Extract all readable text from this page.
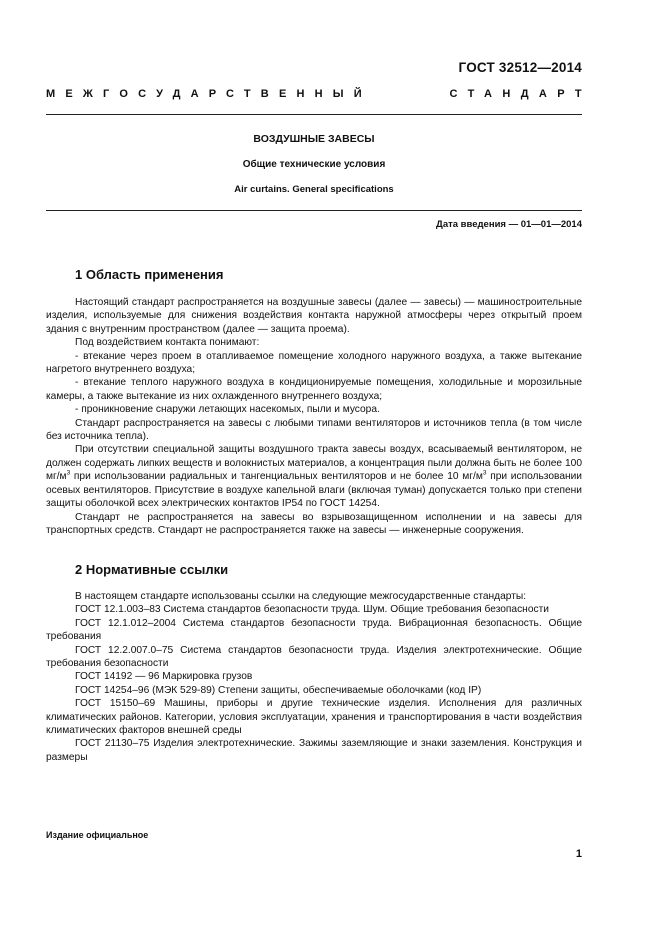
ГОСТ 32512—2014
МЕЖГОСУДАРСТВЕННЫЙ	СТАНДАРТ
ВОЗДУШНЫЕ ЗАВЕСЫ
Общие технические условия
Air curtains. General specifications
Дата введения — 01—01—2014
1 Область применения

Настоящий стандарт распространяется на воздушные завесы (далее — завесы) — машиностроительные изделия, используемые для снижения воздействия контакта наружной атмосферы через открытый проем здания с внутренним пространством (далее — защита проема).

Под воздействием контакта понимают:

- втекание через проем в отапливаемое помещение холодного наружного воздуха, а также вытекание нагретого внутреннего воздуха;

- втекание теплого наружного воздуха в кондиционируемые помещения, холодильные и морозильные камеры, а также вытекание из них охлажденного внутреннего воздуха;

- проникновение снаружи летающих насекомых, пыли и мусора.

Стандарт распространяется на завесы с любыми типами вентиляторов и источников тепла (в том числе без источника тепла).

При отсутствии специальной защиты воздушного тракта завесы воздух, всасываемый вентилятором, не должен содержать липких веществ и волокнистых материалов, а концентрация пыли должна быть не более 100 $мг/м^3$ при использовании радиальных и тангенциальных вентиляторов и не более 10 $мг/м^3$ при использовании осевых вентиляторов. Присутствие в воздухе капельной влаги (включая туман) допускается только при степени защиты оболочкой всех электрических контактов IP54 по ГОСТ 14254.

Стандарт не распространяется на завесы во взрывозащищенном исполнении и на завесы для транспортных средств. Стандарт не распространяется также на завесы — инженерные сооружения.

2 Нормативные ссылки

В настоящем стандарте использованы ссылки на следующие межгосударственные стандарты:

ГОСТ 12.1.003–83 Система стандартов безопасности труда. Шум. Общие требования безопасности

ГОСТ 12.1.012–2004 Система стандартов безопасности труда. Вибрационная безопасность. Общие требования

ГОСТ 12.2.007.0–75 Система стандартов безопасности труда. Изделия электротехнические. Общие требования безопасности

ГОСТ 14192 — 96 Маркировка грузов

ГОСТ 14254–96 (МЭК 529-89) Степени защиты, обеспечиваемые оболочками (код IP)

ГОСТ 15150–69 Машины, приборы и другие технические изделия. Исполнения для различных климатических районов. Категории, условия эксплуатации, хранения и транспортирования в части воздействия климатических факторов внешней среды

ГОСТ 21130–75 Изделия электротехнические. Зажимы заземляющие и знаки заземления. Конструкция и размеры

Издание официальное
1
